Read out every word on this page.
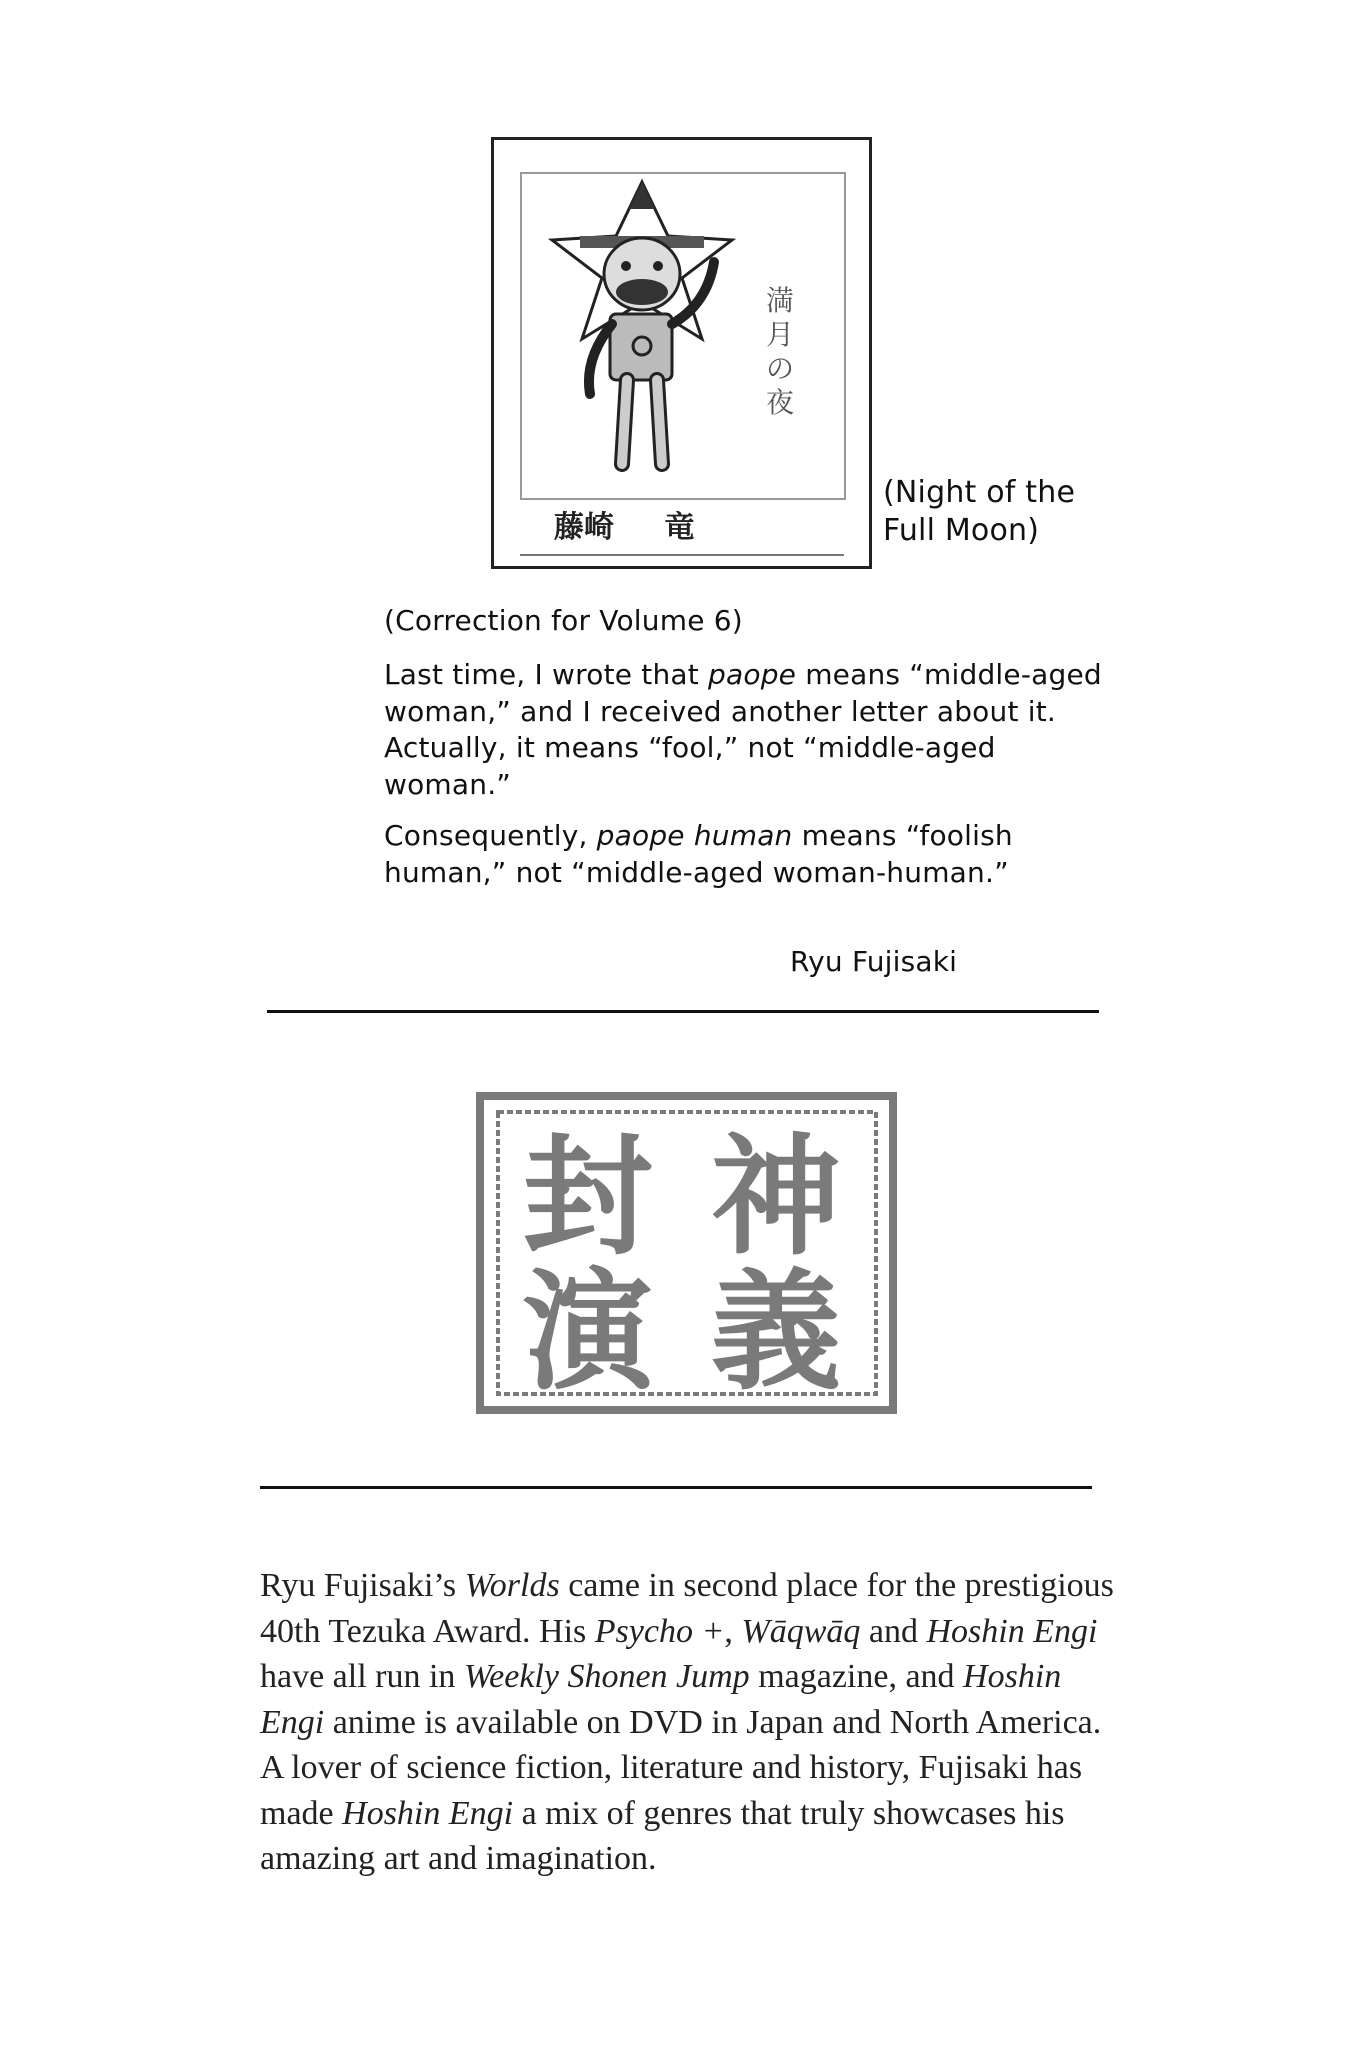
満月の夜
藤崎 竜
(Night of the
Full Moon)
(Correction for Volume 6)

Last time, I wrote that paope means “middle-aged woman,” and I received another letter about it. Actually, it means “fool,” not “middle-aged woman.”

Consequently, paope human means “foolish human,” not “middle-aged woman-human.”

Ryu Fujisaki
封 神
演 義

Ryu Fujisaki’s Worlds came in second place for the prestigious 40th Tezuka Award. His Psycho +, Wāqwāq and Hoshin Engi have all run in Weekly Shonen Jump magazine, and Hoshin Engi anime is available on DVD in Japan and North America. A lover of science fiction, literature and history, Fujisaki has made Hoshin Engi a mix of genres that truly showcases his amazing art and imagination.
